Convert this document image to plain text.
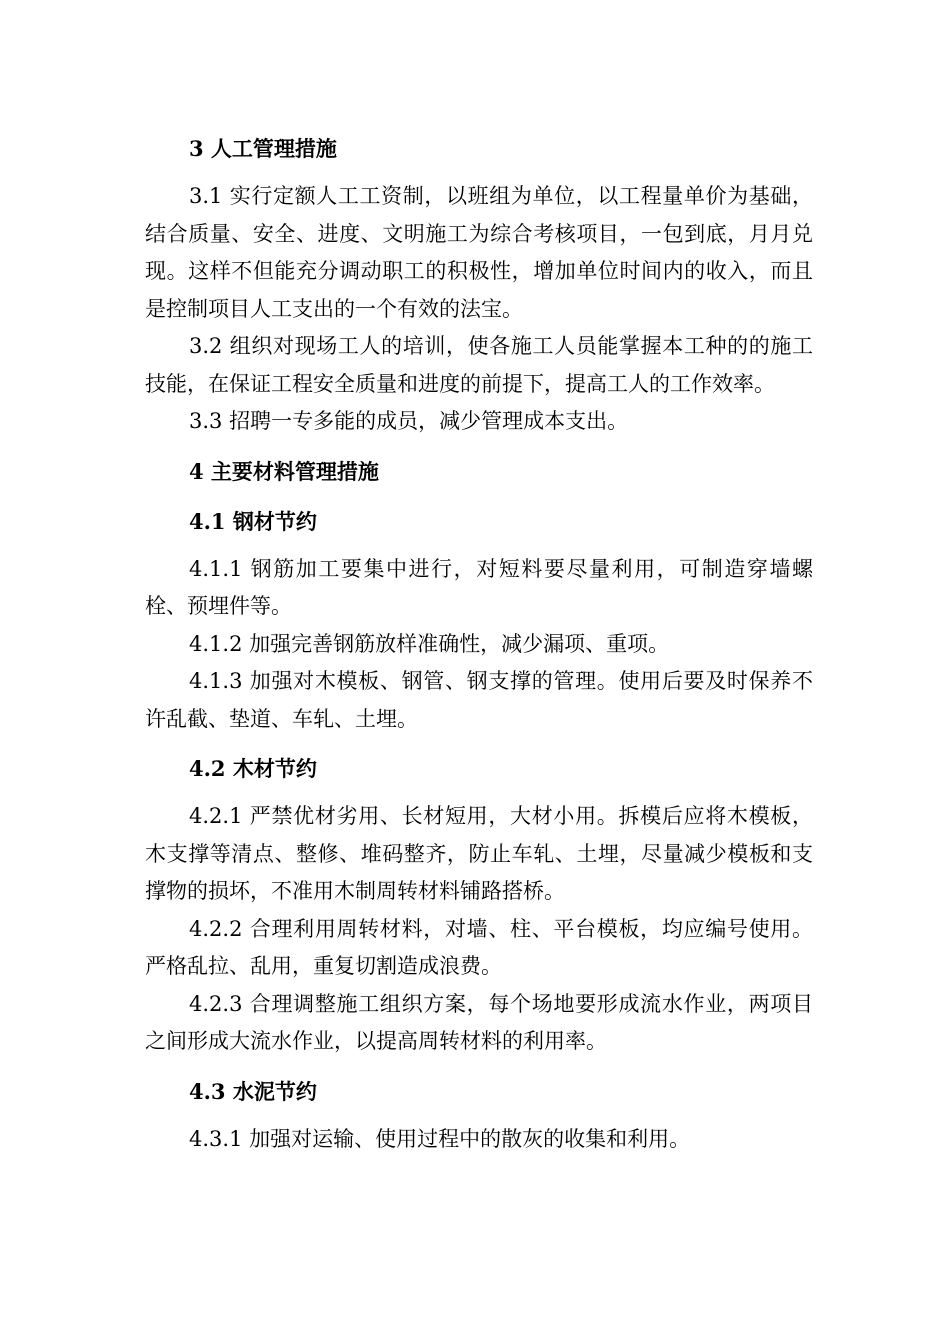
3 人工管理措施

3.1 实行定额人工工资制，以班组为单位，以工程量单价为基础，结合质量、安全、进度、文明施工为综合考核项目，一包到底，月月兑现。这样不但能充分调动职工的积极性，增加单位时间内的收入，而且是控制项目人工支出的一个有效的法宝。

3.2 组织对现场工人的培训，使各施工人员能掌握本工种的的施工技能，在保证工程安全质量和进度的前提下，提高工人的工作效率。

3.3 招聘一专多能的成员，减少管理成本支出。

4 主要材料管理措施
4.1 钢材节约

4.1.1 钢筋加工要集中进行，对短料要尽量利用，可制造穿墙螺栓、预埋件等。

4.1.2 加强完善钢筋放样准确性，减少漏项、重项。

4.1.3 加强对木模板、钢管、钢支撑的管理。使用后要及时保养不许乱截、垫道、车轧、土埋。

4.2 木材节约

4.2.1 严禁优材劣用、长材短用，大材小用。拆模后应将木模板，木支撑等清点、整修、堆码整齐，防止车轧、土埋，尽量减少模板和支撑物的损坏，不准用木制周转材料铺路搭桥。

4.2.2 合理利用周转材料，对墙、柱、平台模板，均应编号使用。严格乱拉、乱用，重复切割造成浪费。

4.2.3 合理调整施工组织方案，每个场地要形成流水作业，两项目之间形成大流水作业，以提高周转材料的利用率。

4.3 水泥节约

4.3.1 加强对运输、使用过程中的散灰的收集和利用。
